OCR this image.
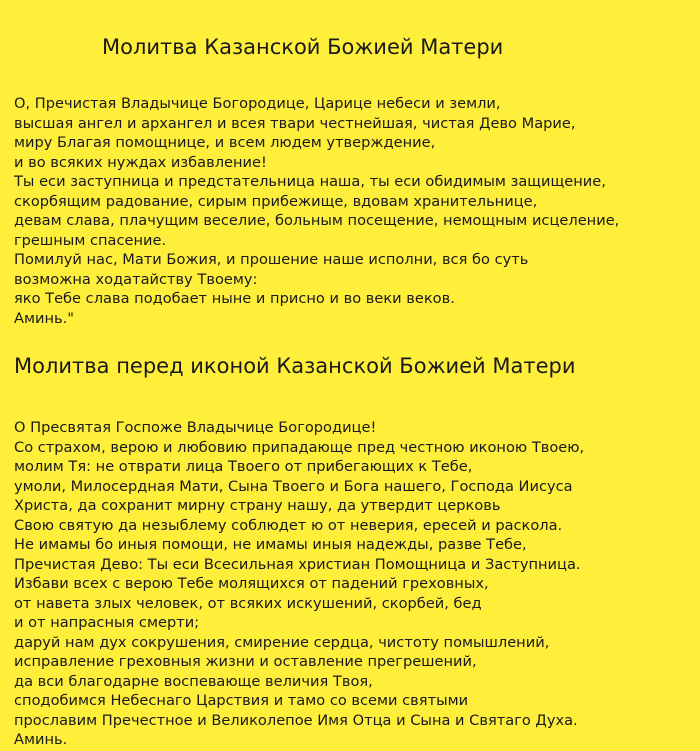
Молитва Казанской Божией Матери
О, Пречистая Владычице Богородице, Царице небеси и земли,
высшая ангел и архангел и всея твари честнейшая, чистая Дево Марие,
миру Благая помощнице, и всем людем утверждение,
и во всяких нуждах избавление!
Ты еси заступница и предстательница наша, ты еси обидимым защищение,
скорбящим радование, сирым прибежище, вдовам хранительнице,
девам слава, плачущим веселие, больным посещение, немощным исцеление,
грешным спасение.
Помилуй нас, Мати Божия, и прошение наше исполни, вся бо суть
возможна ходатайству Твоему:
яко Тебе слава подобает ныне и присно и во веки веков.
Аминь."
Молитва перед иконой Казанской Божией Матери
О Пресвятая Госпоже Владычице Богородице!
Со страхом, верою и любовию припадающе пред честною иконою Твоею,
молим Тя: не отврати лица Твоего от прибегающих к Тебе,
умоли, Милосердная Мати, Сына Твоего и Бога нашего, Господа Иисуса
Христа, да сохранит мирну страну нашу, да утвердит церковь
Свою святую да незыблему соблюдет ю от неверия, ересей и раскола.
Не имамы бо иныя помощи, не имамы иныя надежды, разве Тебе,
Пречистая Дево: Ты еси Всесильная христиан Помощница и Заступница.
Избави всех с верою Тебе молящихся от падений греховных,
от навета злых человек, от всяких искушений, скорбей, бед
и от напрасныя смерти;
даруй нам дух сокрушения, смирение сердца, чистоту помышлений,
исправление греховныя жизни и оставление прегрешений,
да вси благодарне воспевающе величия Твоя,
сподобимся Небеснаго Царствия и тамо со всеми святыми
прославим Пречестное и Великолепое Имя Отца и Сына и Святаго Духа.
Аминь.
